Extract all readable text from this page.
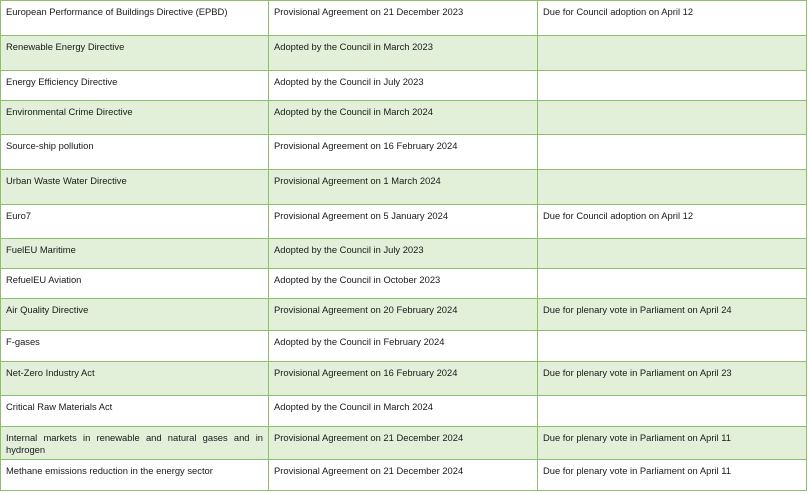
European Performance of Buildings Directive (EPBD)	Provisional Agreement on 21 December 2023	Due for Council adoption on April 12
Renewable Energy Directive	Adopted by the Council in March 2023	
Energy Efficiency Directive	Adopted by the Council in July 2023	
Environmental Crime Directive	Adopted by the Council in March 2024	
Source-ship pollution	Provisional Agreement on 16 February 2024	
Urban Waste Water Directive	Provisional Agreement on 1 March 2024	
Euro7	Provisional Agreement on 5 January 2024	Due for Council adoption on April 12
FuelEU Maritime	Adopted by the Council in July 2023	
RefuelEU Aviation	Adopted by the Council in October 2023	
Air Quality Directive	Provisional Agreement on 20 February 2024	Due for plenary vote in Parliament on April 24
F-gases	Adopted by the Council in February 2024	
Net-Zero Industry Act	Provisional Agreement on 16 February 2024	Due for plenary vote in Parliament on April 23
Critical Raw Materials Act	Adopted by the Council in March 2024	
Internal markets in renewable and natural gases and in hydrogen	Provisional Agreement on 21 December 2024	Due for plenary vote in Parliament on April 11
Methane emissions reduction in the energy sector	Provisional Agreement on 21 December 2024	Due for plenary vote in Parliament on April 11
